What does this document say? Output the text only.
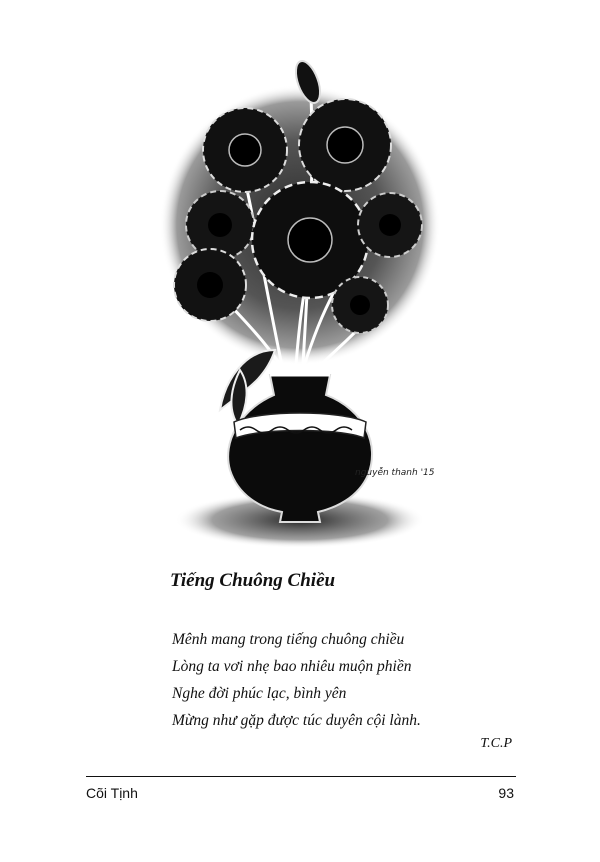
nguyễn thanh '15
Tiếng Chuông Chiều
Mênh mang trong tiếng chuông chiều
Lòng ta vơi nhẹ bao nhiêu muộn phiền
Nghe đời phúc lạc, bình yên
Mừng như gặp được túc duyên cội lành.
T.C.P
Cõi Tịnh	93
